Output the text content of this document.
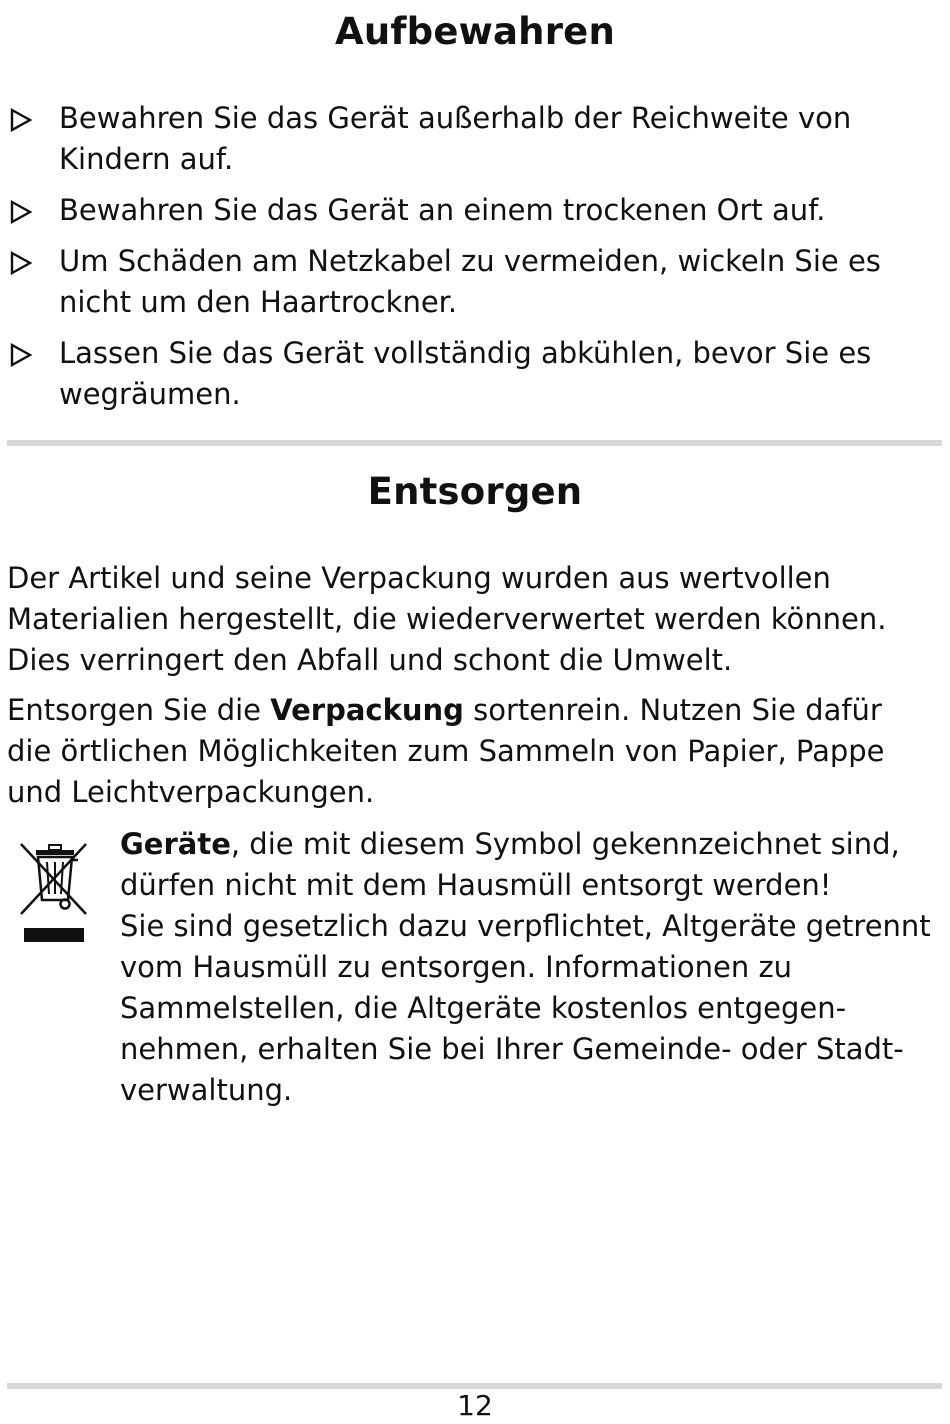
Aufbewahren
Bewahren Sie das Gerät außerhalb der Reichweite von Kindern auf.
Bewahren Sie das Gerät an einem trockenen Ort auf.
Um Schäden am Netzkabel zu vermeiden, wickeln Sie es nicht um den Haartrockner.
Lassen Sie das Gerät vollständig abkühlen, bevor Sie es wegräumen.
Entsorgen

Der Artikel und seine Verpackung wurden aus wertvollen Materialien hergestellt, die wiederverwertet werden können. Dies verringert den Abfall und schont die Umwelt.

Entsorgen Sie die Verpackung sortenrein. Nutzen Sie dafür die örtlichen Möglichkeiten zum Sammeln von Papier, Pappe und Leichtverpackungen.

Geräte, die mit diesem Symbol gekennzeichnet sind, dürfen nicht mit dem Hausmüll entsorgt werden!
Sie sind gesetzlich dazu verpflichtet, Altgeräte getrennt vom Hausmüll zu entsorgen. Informationen zu Sammelstellen, die Altgeräte kostenlos entgegen-nehmen, erhalten Sie bei Ihrer Gemeinde- oder Stadt-verwaltung.

12
